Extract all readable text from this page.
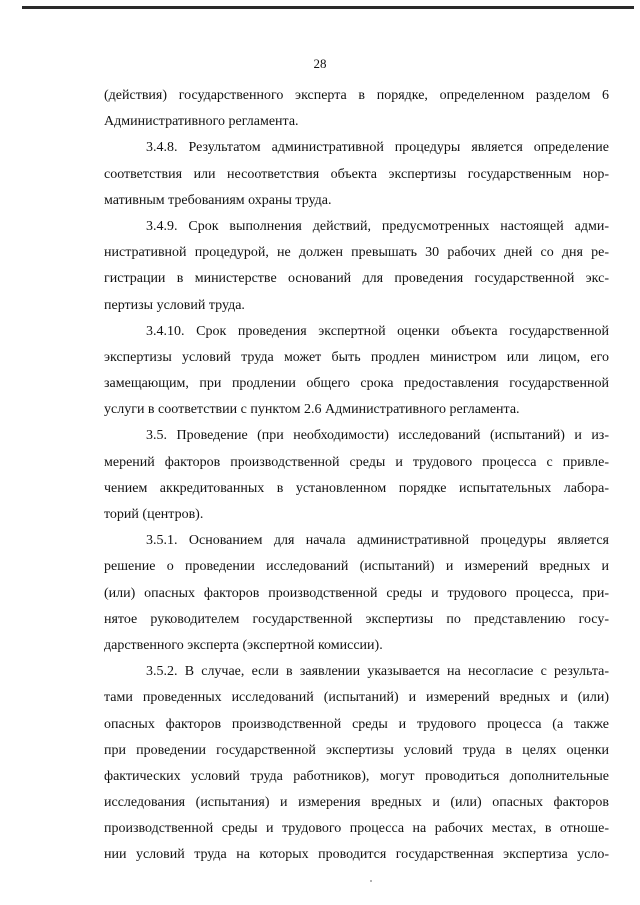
28
(действия) государственного эксперта в порядке, определенном разделом 6
Административного регламента.
3.4.8. Результатом административной процедуры является определение
соответствия или несоответствия объекта экспертизы государственным нор-
мативным требованиям охраны труда.
3.4.9. Срок выполнения действий, предусмотренных настоящей адми-
нистративной процедурой, не должен превышать 30 рабочих дней со дня ре-
гистрации в министерстве оснований для проведения государственной экс-
пертизы условий труда.
3.4.10. Срок проведения экспертной оценки объекта государственной
экспертизы условий труда может быть продлен министром или лицом, его
замещающим, при продлении общего срока предоставления государственной
услуги в соответствии с пунктом 2.6 Административного регламента.
3.5. Проведение (при необходимости) исследований (испытаний) и из-
мерений факторов производственной среды и трудового процесса с привле-
чением аккредитованных в установленном порядке испытательных лабора-
торий (центров).
3.5.1. Основанием для начала административной процедуры является
решение о проведении исследований (испытаний) и измерений вредных и
(или) опасных факторов производственной среды и трудового процесса, при-
нятое руководителем государственной экспертизы по представлению госу-
дарственного эксперта (экспертной комиссии).
3.5.2. В случае, если в заявлении указывается на несогласие с результа-
тами проведенных исследований (испытаний) и измерений вредных и (или)
опасных факторов производственной среды и трудового процесса (а также
при проведении государственной экспертизы условий труда в целях оценки
фактических условий труда работников), могут проводиться дополнительные
исследования (испытания) и измерения вредных и (или) опасных факторов
производственной среды и трудового процесса на рабочих местах, в отноше-
нии условий труда на которых проводится государственная экспертиза усло-
